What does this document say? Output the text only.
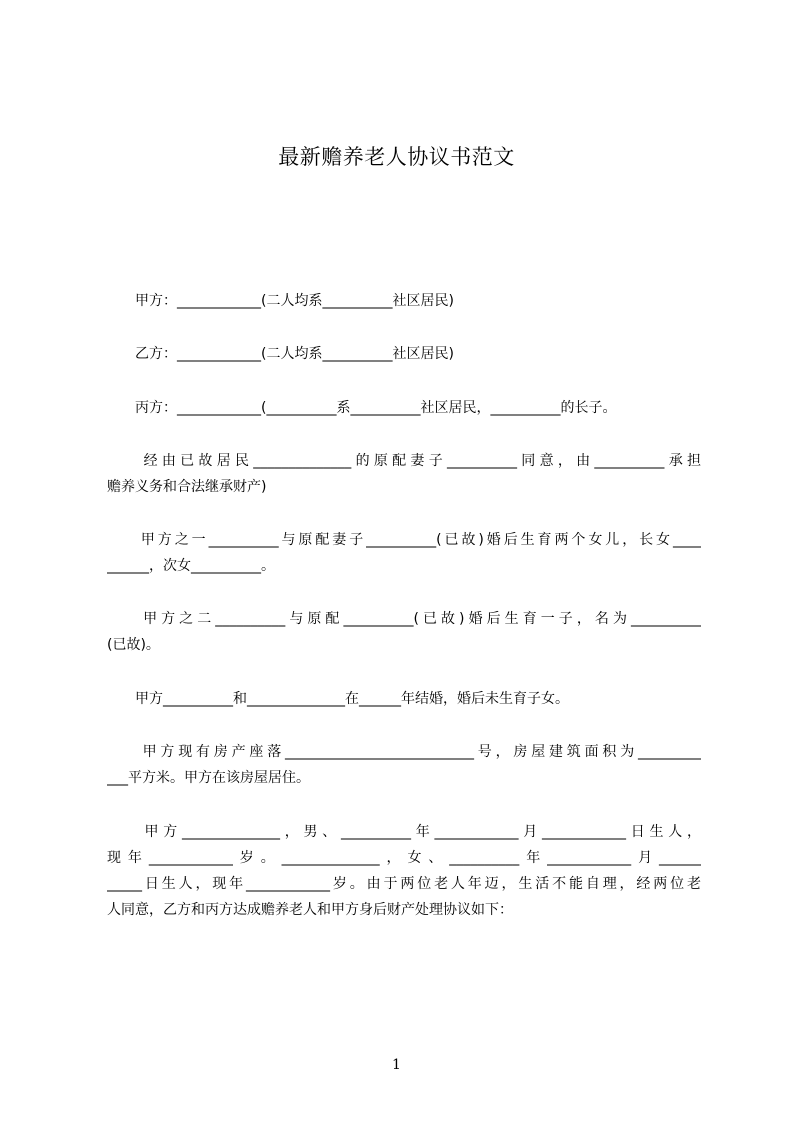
最新赡养老人协议书范文
　　甲方：____________(二人均系__________社区居民)
　　乙方：____________(二人均系__________社区居民)
　　丙方：____________(__________系__________社区居民，__________的长子。
　　经由已故居民______________的原配妻子__________同意，由__________承担
赡养义务和合法继承财产)
　　甲方之一__________与原配妻子__________(已故)婚后生育两个女儿，长女____
______，次女__________。
　　甲方之二__________与原配__________(已故)婚后生育一子，名为__________
(已故)。
　　甲方__________和______________在______年结婚，婚后未生育子女。
　　甲方现有房产座落___________________________号，房屋建筑面积为_________
___平方米。甲方在该房屋居住。
　　甲方______________，男、__________年____________月____________日生人，
现年____________岁。______________，女、__________年____________月______
_____日生人，现年____________岁。由于两位老人年迈，生活不能自理，经两位老
人同意，乙方和丙方达成赡养老人和甲方身后财产处理协议如下：
1
